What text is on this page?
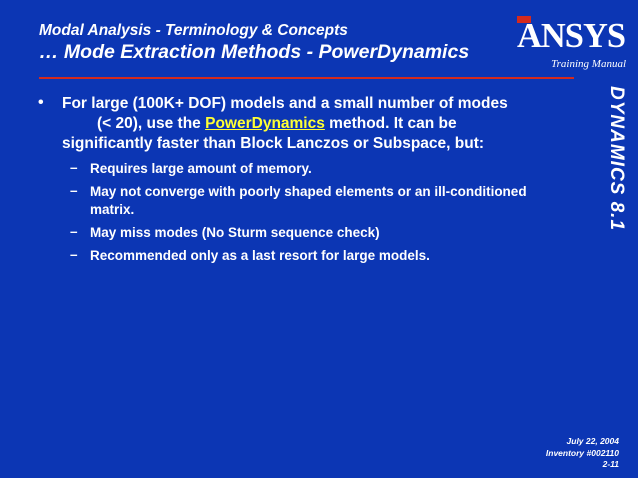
Modal Analysis - Terminology & Concepts
… Mode Extraction Methods - PowerDynamics ANSYS
Training Manual
DYNAMICS 8.1
• For large (100K+ DOF) models and a small number of modes
(< 20), use the PowerDynamics method. It can be
significantly faster than Block Lanczos or Subspace, but:
– Requires large amount of memory.
– May not converge with poorly shaped elements or an ill-conditioned matrix.
– May miss modes (No Sturm sequence check)
– Recommended only as a last resort for large models.
July 22, 2004
Inventory #002110
2-11
